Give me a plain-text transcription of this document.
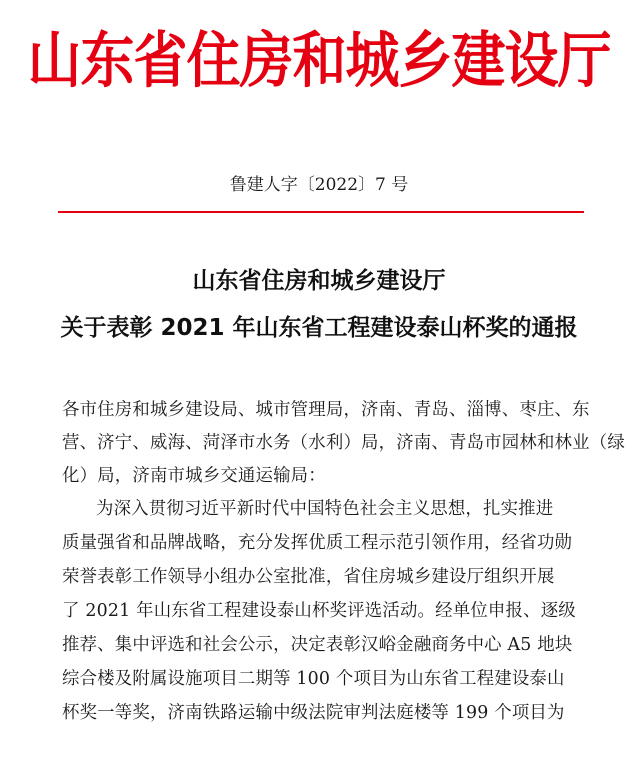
山东省住房和城乡建设厅
鲁建人字〔2022〕7 号
山东省住房和城乡建设厅
关于表彰 2021 年山东省工程建设泰山杯奖的通报
各市住房和城乡建设局、城市管理局，济南、青岛、淄博、枣庄、东
营、济宁、威海、菏泽市水务（水利）局，济南、青岛市园林和林业（绿
化）局，济南市城乡交通运输局：
为深入贯彻习近平新时代中国特色社会主义思想，扎实推进
质量强省和品牌战略，充分发挥优质工程示范引领作用，经省功勋
荣誉表彰工作领导小组办公室批准，省住房城乡建设厅组织开展
了 2021 年山东省工程建设泰山杯奖评选活动。经单位申报、逐级
推荐、集中评选和社会公示，决定表彰汉峪金融商务中心 A5 地块
综合楼及附属设施项目二期等 100 个项目为山东省工程建设泰山
杯奖一等奖，济南铁路运输中级法院审判法庭楼等 199 个项目为
